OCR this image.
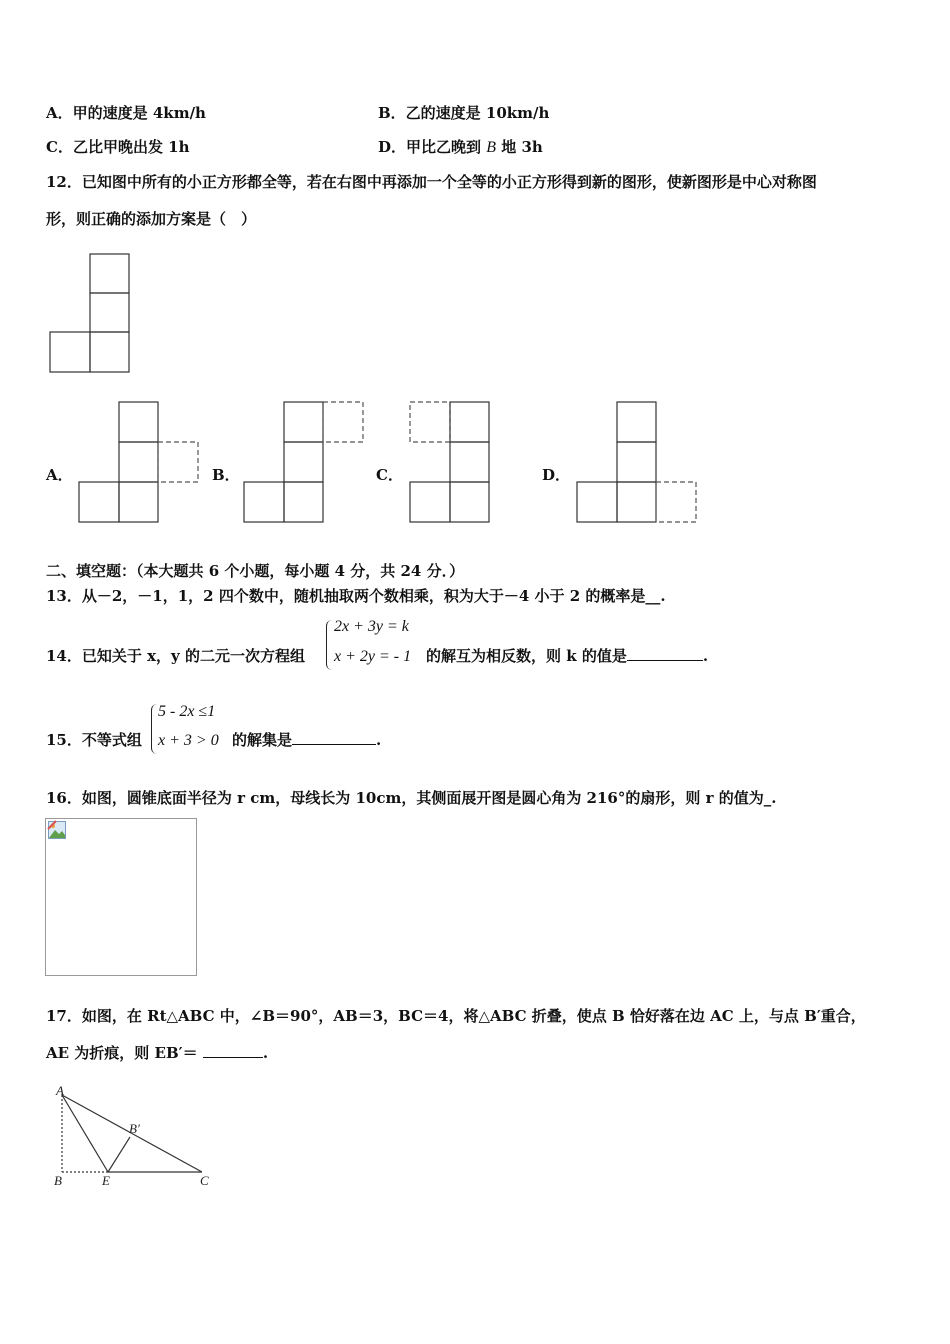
A．甲的速度是 4km/h	B．乙的速度是 10km/h
C．乙比甲晚出发 1h	D．甲比乙晚到 B 地 3h
12．已知图中所有的小正方形都全等，若在右图中再添加一个全等的小正方形得到新的图形，使新图形是中心对称图
形，则正确的添加方案是（　）
A．	B．	C．	D．
二、填空题：（本大题共 6 个小题，每小题 4 分，共 24 分．）
13．从－2，－1，1，2 四个数中，随机抽取两个数相乘，积为大于－4 小于 2 的概率是__.
14．已知关于 x，y 的二元一次方程组
2x + 3y = k
x + 2y = - 1 的解互为相反数，则 k 的值是	.
15．不等式组
5 - 2x ≤1
x + 3 > 0 的解集是	.
16．如图，圆锥底面半径为 r cm，母线长为 10cm，其侧面展开图是圆心角为 216°的扇形，则 r 的值为_.
17．如图，在 Rt△ABC 中，∠B＝90°，AB＝3，BC＝4，将△ABC 折叠，使点 B 恰好落在边 AC 上，与点 B′重合，
AE 为折痕，则 EB′＝	.
A
B	E	C
B′
